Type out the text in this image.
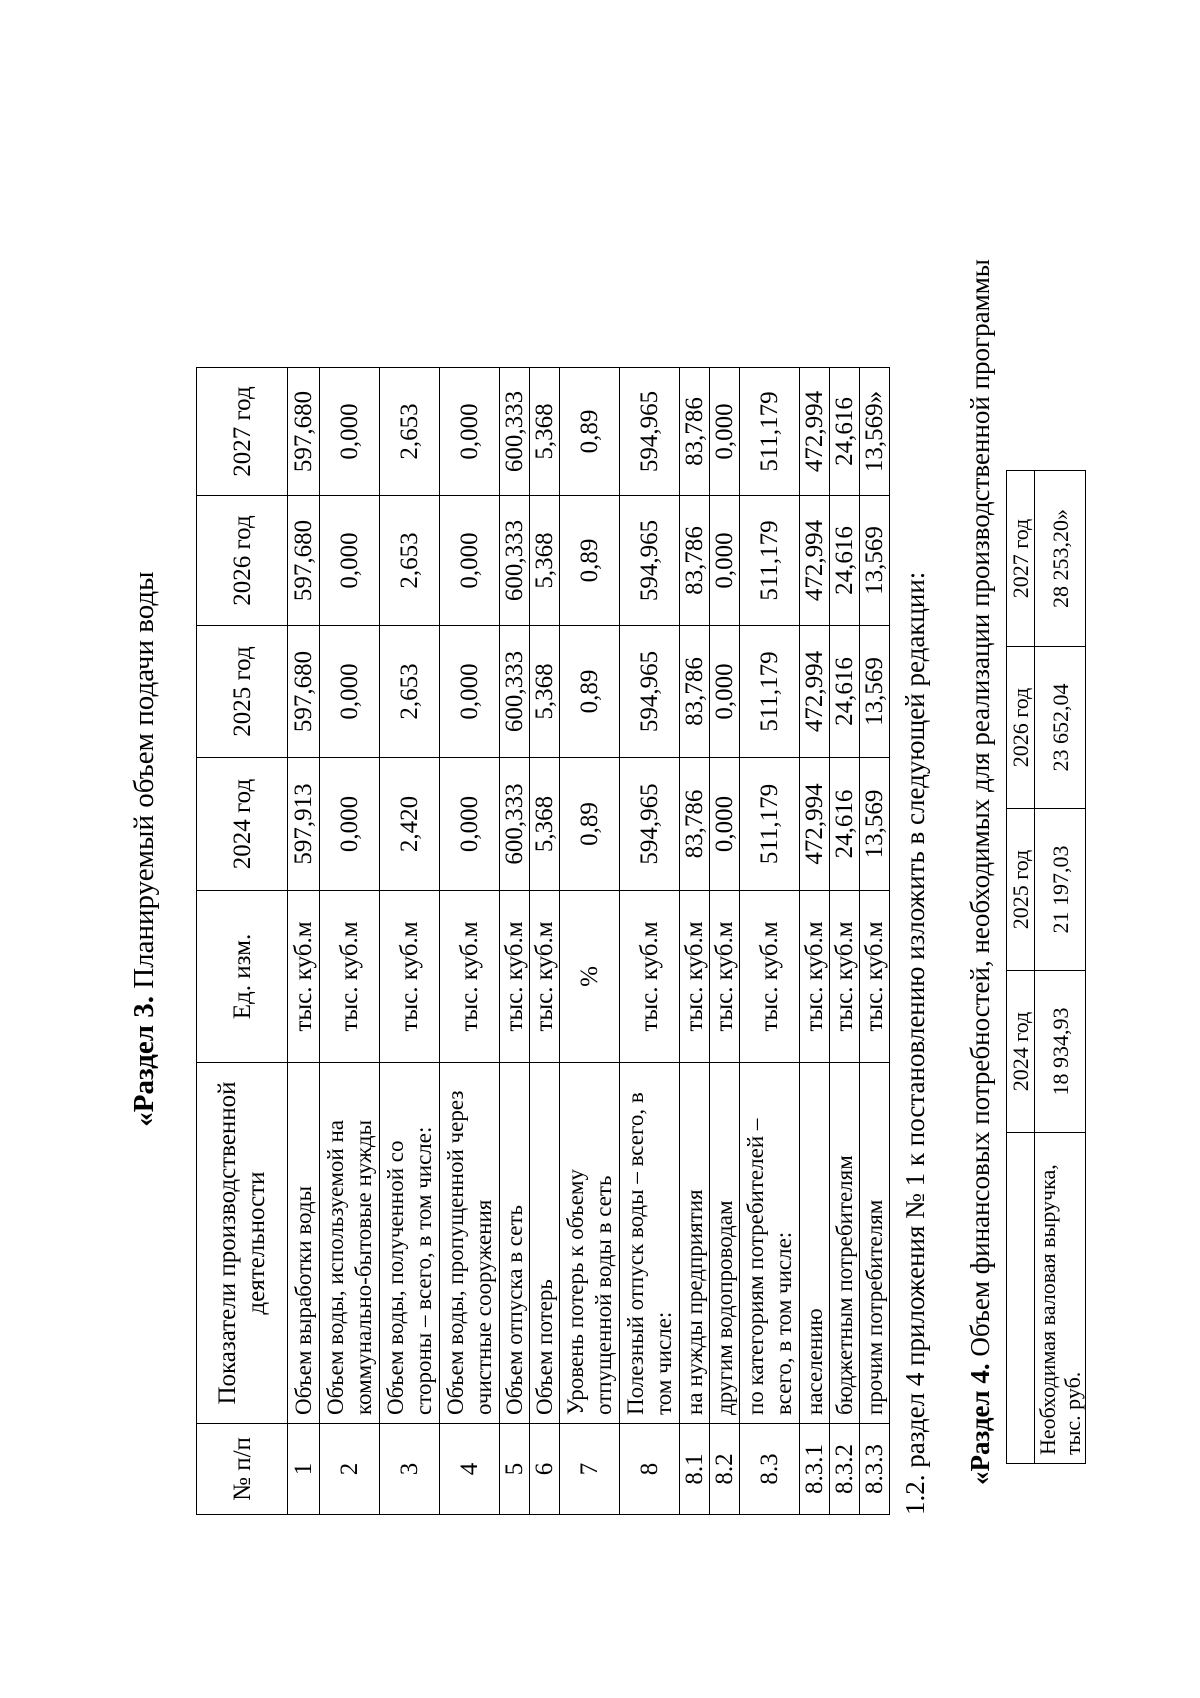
«Раздел 3. Планируемый объем подачи воды
№ п/п	Показатели производственной деятельности	Ед. изм.	2024 год	2025 год	2026 год	2027 год
1	Объем выработки воды	тыс. куб.м	597,913	597,680	597,680	597,680
2	Объем воды, используемой на коммунально-бытовые нужды	тыс. куб.м	0,000	0,000	0,000	0,000
3	Объем воды, полученной со стороны – всего, в том числе:	тыс. куб.м	2,420	2,653	2,653	2,653
4	Объем воды, пропущенной через очистные сооружения	тыс. куб.м	0,000	0,000	0,000	0,000
5	Объем отпуска в сеть	тыс. куб.м	600,333	600,333	600,333	600,333
6	Объем потерь	тыс. куб.м	5,368	5,368	5,368	5,368
7	Уровень потерь к объему отпущенной воды в сеть	%	0,89	0,89	0,89	0,89
8	Полезный отпуск воды – всего, в том числе:	тыс. куб.м	594,965	594,965	594,965	594,965
8.1	на нужды предприятия	тыс. куб.м	83,786	83,786	83,786	83,786
8.2	другим водопроводам	тыс. куб.м	0,000	0,000	0,000	0,000
8.3	по категориям потребителей – всего, в том числе:	тыс. куб.м	511,179	511,179	511,179	511,179
8.3.1	населению	тыс. куб.м	472,994	472,994	472,994	472,994
8.3.2	бюджетным потребителям	тыс. куб.м	24,616	24,616	24,616	24,616
8.3.3	прочим потребителям	тыс. куб.м	13,569	13,569	13,569	13,569»
1.2. раздел 4 приложения № 1 к постановлению изложить в следующей редакции: «Раздел 4. Объем финансовых потребностей, необходимых для реализации производственной программы
	2024 год	2025 год	2026 год	2027 год
Необходимая валовая выручка, тыс. руб.	18 934,93	21 197,03	23 652,04	28 253,20»
